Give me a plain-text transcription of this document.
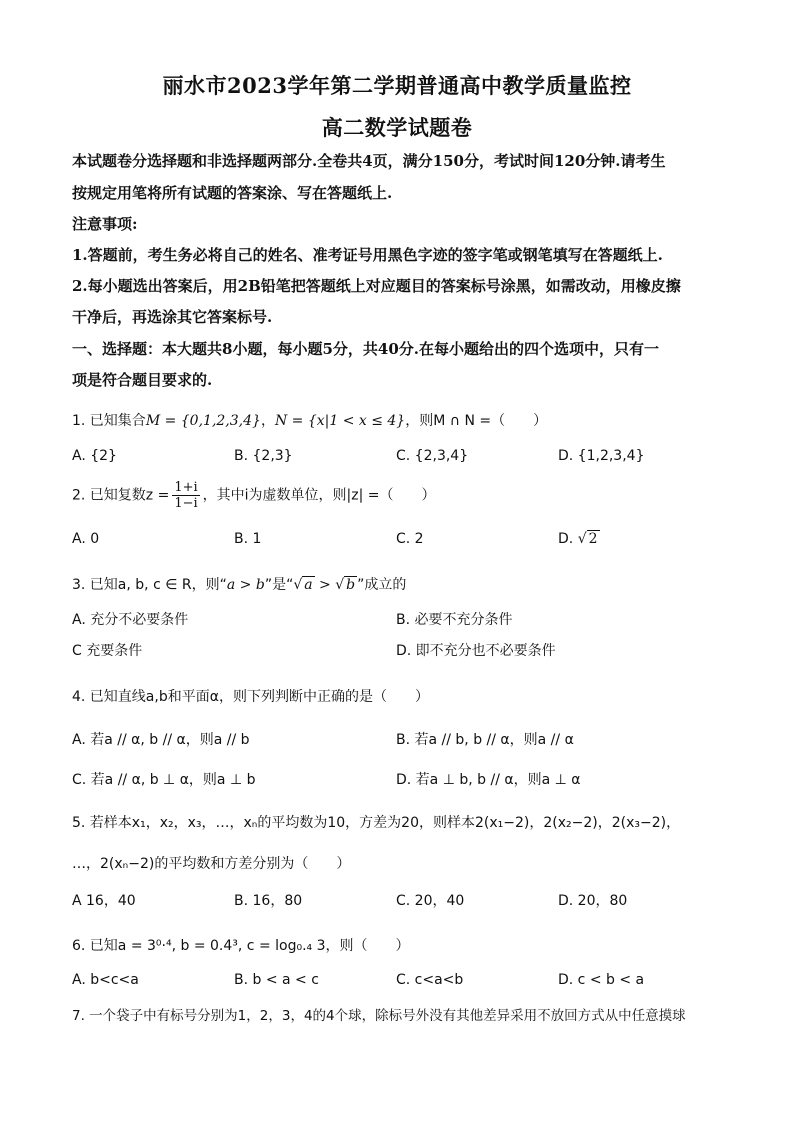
丽水市2023学年第二学期普通高中教学质量监控
高二数学试题卷
本试题卷分选择题和非选择题两部分.全卷共4页，满分150分，考试时间120分钟.请考生
按规定用笔将所有试题的答案涂、写在答题纸上.
注意事项:
1.答题前，考生务必将自己的姓名、准考证号用黑色字迹的签字笔或钢笔填写在答题纸上.
2.每小题选出答案后，用2B铅笔把答题纸上对应题目的答案标号涂黑，如需改动，用橡皮擦
干净后，再选涂其它答案标号.
一、选择题：本大题共8小题，每小题5分，共40分.在每小题给出的四个选项中，只有一
项是符合题目要求的.
1. 已知集合M = {0,1,2,3,4}，N = {x|1 < x ≤ 4}，则M ∩ N =（　　）
A. {2}	B. {2,3}	C. {2,3,4}	D. {1,2,3,4}
2. 已知复数$z = \frac{1+i}{1-i}$ ，其中i为虚数单位，则|z| =（　　）
A. 0	B. 1	C. 2	D. √ 2
3. 已知a, b, c ∈ R，则“a > b”是“√ a > √ b ”成立的
A. 充分不必要条件	B. 必要不充分条件
C 充要条件	D. 即不充分也不必要条件
4. 已知直线a,b和平面α，则下列判断中正确的是（　　）
A. 若a // α, b // α，则a // b	B. 若a // b, b // α，则a // α
C. 若a // α, b ⊥ α，则a ⊥ b	D. 若a ⊥ b, b // α，则a ⊥ α
5. 若样本x₁，x₂，x₃，…，xₙ的平均数为10，方差为20，则样本2(x₁−2)，2(x₂−2)，2(x₃−2)，
…，2(xₙ−2)的平均数和方差分别为（　　）
A 16，40	B. 16，80	C. 20，40	D. 20，80
6. 已知a = 3⁰·⁴, b = 0.4³, c = log₀.₄ 3，则（　　）
A. b<c<a	B. b < a < c	C. c<a<b	D. c < b < a
7. 一个袋子中有标号分别为1，2，3，4的4个球，除标号外没有其他差异采用不放回方式从中任意摸球
